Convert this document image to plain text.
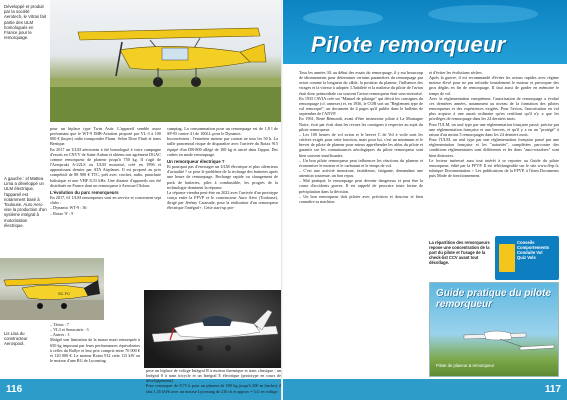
Développé et produit par la société Aerotech, le Vitras fait partie des ULM homologués en France pour le remorquage.
A gauche : el Mattea Lima a développé un ULM électrique, l'appareil est notamment basé à Toulouse. Auro Aero vise la production d'un système intégral à motorisation électrique.

pour un biplace type Twin Astir. L'appareil semble assez performant que le WT-9 JMB-Aviation proposé par VL-3 à 100 000 € (buyer) radio transponder Flarm. Selon Dose Flash et trans Bertique.

En 2017 un ULM aérotorem à été homologué à votre campagne d'essais en CNVV de Saint-Auban et obtenu son agrément DGAC comme remorqueur de planeur jusqu'à 750 kg. Il s'agit de l'Aeroprakt A-22LS ou ULM motorisé, créé en 1996 et apparaissant dernier par ATA Airplanes. Il est proposé au prix compétitif de 88 900 € TTC, prêt avec crochet, radio, parachute balistique et une VHF 8,33 kHz. Une dizaine d'appareils ont été distribués en France dont un remorqueur à Aerosur-l'Adour.

L'évolution du parc remorqueurs

En 2017, 61 ULM remorqueurs sont en service et concernent sept clubs :

– Dynamic WT-9 : 36

– Rotax 'S' : 9

cumping. La consommation pour un remorquage est de 1,8 l de SP-95 contre 4 l de 100LL pour le Dynamic.

Inconvénient : l'entretien moteur par contrat ne tous les 50 h. La taille pancentral risque de disparaître avec l'arrivée du Rotax 915 équipé d'un DR-800 allégé de 100 kg et ancré dans l'appui. Des cadres en mode remorquage.

Un remorqueur électrique ?

Et pourquoi pas d'envisager un ULM électrique et plus silencieux d'actualité ? se pose le problème de la recharge des batteries après une heure de remorquage. Recharge rapide ou changement de pack de batteries, piles à combustible, les progrès de la technologie dominent la réponse.

La réponse viendra peut-être en 2022 avec l'arrivée d'un prototype conçu entre la FFVP et le constructeur Auro Aéro (Toulouse), dirigé par Jérémy Caussade, pour la réalisation d'un remorqueur électrique l'intégral+. Cette start-up pro-

SC FC
Lis Lisa du constructeur Aerospool.

– Tétras : 7

– VL3 et Sonacatris : 3

– Autres : 3

Malgré une limitation de la masse maxi remorquée à 650 kg imposant par leurs performances équivalentes à celles du Rallye et leur prix compris entre 70 000 € et 120 000 €. Le moteur Rotax 912 cette 115 kW ou le moteur d'une RG de Lycoming

116
Pilote remorqueur

Tous les années 30, au début des essais du remorquage, il y eut beaucoup de tâtonnements pour déterminer certains paramètres du remorquage par avion comme la longueur du câble, la position du planeur, l'influence des virages et la vitesse à adopter. L'habileté et la maîtrise du pilote de l'avion était donc primordiale car souvent l'avion remorqueur était sous-motorisé.

En 1935 l'AVIA crée un "Manuel de pilotage" qui décrit les consignes du remorquage (cf. annexes) et, en 1936, le COB sort un "Règlement type de vol remorqué", un document de 4 pages qu'il publie dans le bulletin de septembre de l'ANVP.

En 1961, René Rémondi, avant d'être instructeur pilote à La Montagne Noire, écrit par écrit dans les revues les consignes à respecter au sujet du pilote remorqueur.

– Les 100 heures de vol avion et le brevet C de Vol à voile sont les critères exigés pour cette fonction, mais pour lui, c'est un minimum et le brevet de pilote de planeur pour mieux appréhender les aléas du pilote et garantir sur les connaissances aérologiques du pilote remorqueur sont bien souvent insuffisantes.

– Un bon pilote remorqueur peut influencer les réactions du planeur et économiser le moteur et le carburant et le temps de vol.

– C'est une activité monotone, fastidieuse, fatigante, demandant une attention soutenue, un bon repos.

– Mal pratiqué, le remorquage peut devenir dangereux et peut être la cause d'accidents graves. Il est rappelé de proscrire toute forme de précipitation dans la décision.

– Un bon remorqueur doit piloter avec précision et douceur et bien connaître sa machine.

et d'éviter les évolutions sèches.

Après la guerre, il est recommandé d'éviter les avions rapides avec régime moteur élevé pour ne pas refroidir brutalement le moteur et provoquer des gros dégâts en fin de remorquage. Il faut aussi de garder en mémoire le temps de vol.

Avec la réglementation européenne, l'autorisation de remorquage a évolué ces dernières années, notamment au niveau de la formation des pilotes remorqueurs et des expériences exigées. Pour l'avion, l'autorisation en vol plus acquise à une aurait ordinaire qu'en certifiant qu'il n'y a que les privilèges de remorquage dans les 24 derniers mois.

Pour l'ULM, un seul type par une réglementation française passé, précise par une réglementation française et aux brevets, et qu'il y a eu un "protégé" à raison d'au moins 5 remorquages dans les 24 derniers mois.

Pour l'ULM, un seul type par une réglementation française passé par une réglementation française et les "autorités", complétées parcontre des conditions réglementaires sont différentes et les dons "auto-routières" sont bien distinctes.

Le lecteur intéressé aura tout intérêt à se reporter au Guide du pilote remorqueur, édité par la FFVP. Il est téléchargeable sur le site www.ffvp.fr, rubrique Documentation > Les publications de la FFVP, à l'item Documents puis Mode de fonctionnement.

La répartition des remorqueurs repose une concentration de la part du pilote et l'usage de la check-list CCV avant tout décollage.
Conseils
Comportements
Conduite Vol
Quiz Vols
Guide pratique du pilote remorqueur
Pilote de planeur & remorqueur
117

pose un biplace de voltige Intégral R à moteur thermique et train classique ; un Intégral S à train tricycle et un Intégral E électrique (prototype en cours de développement).

Pour remorquer de 8,75 h pour un planeur de 500 kg jusqu'à 500 m (inclus) il faut 1,35 kWh avec un moteur Lycoming de 210 ch et approx = 3,G en voltige.
